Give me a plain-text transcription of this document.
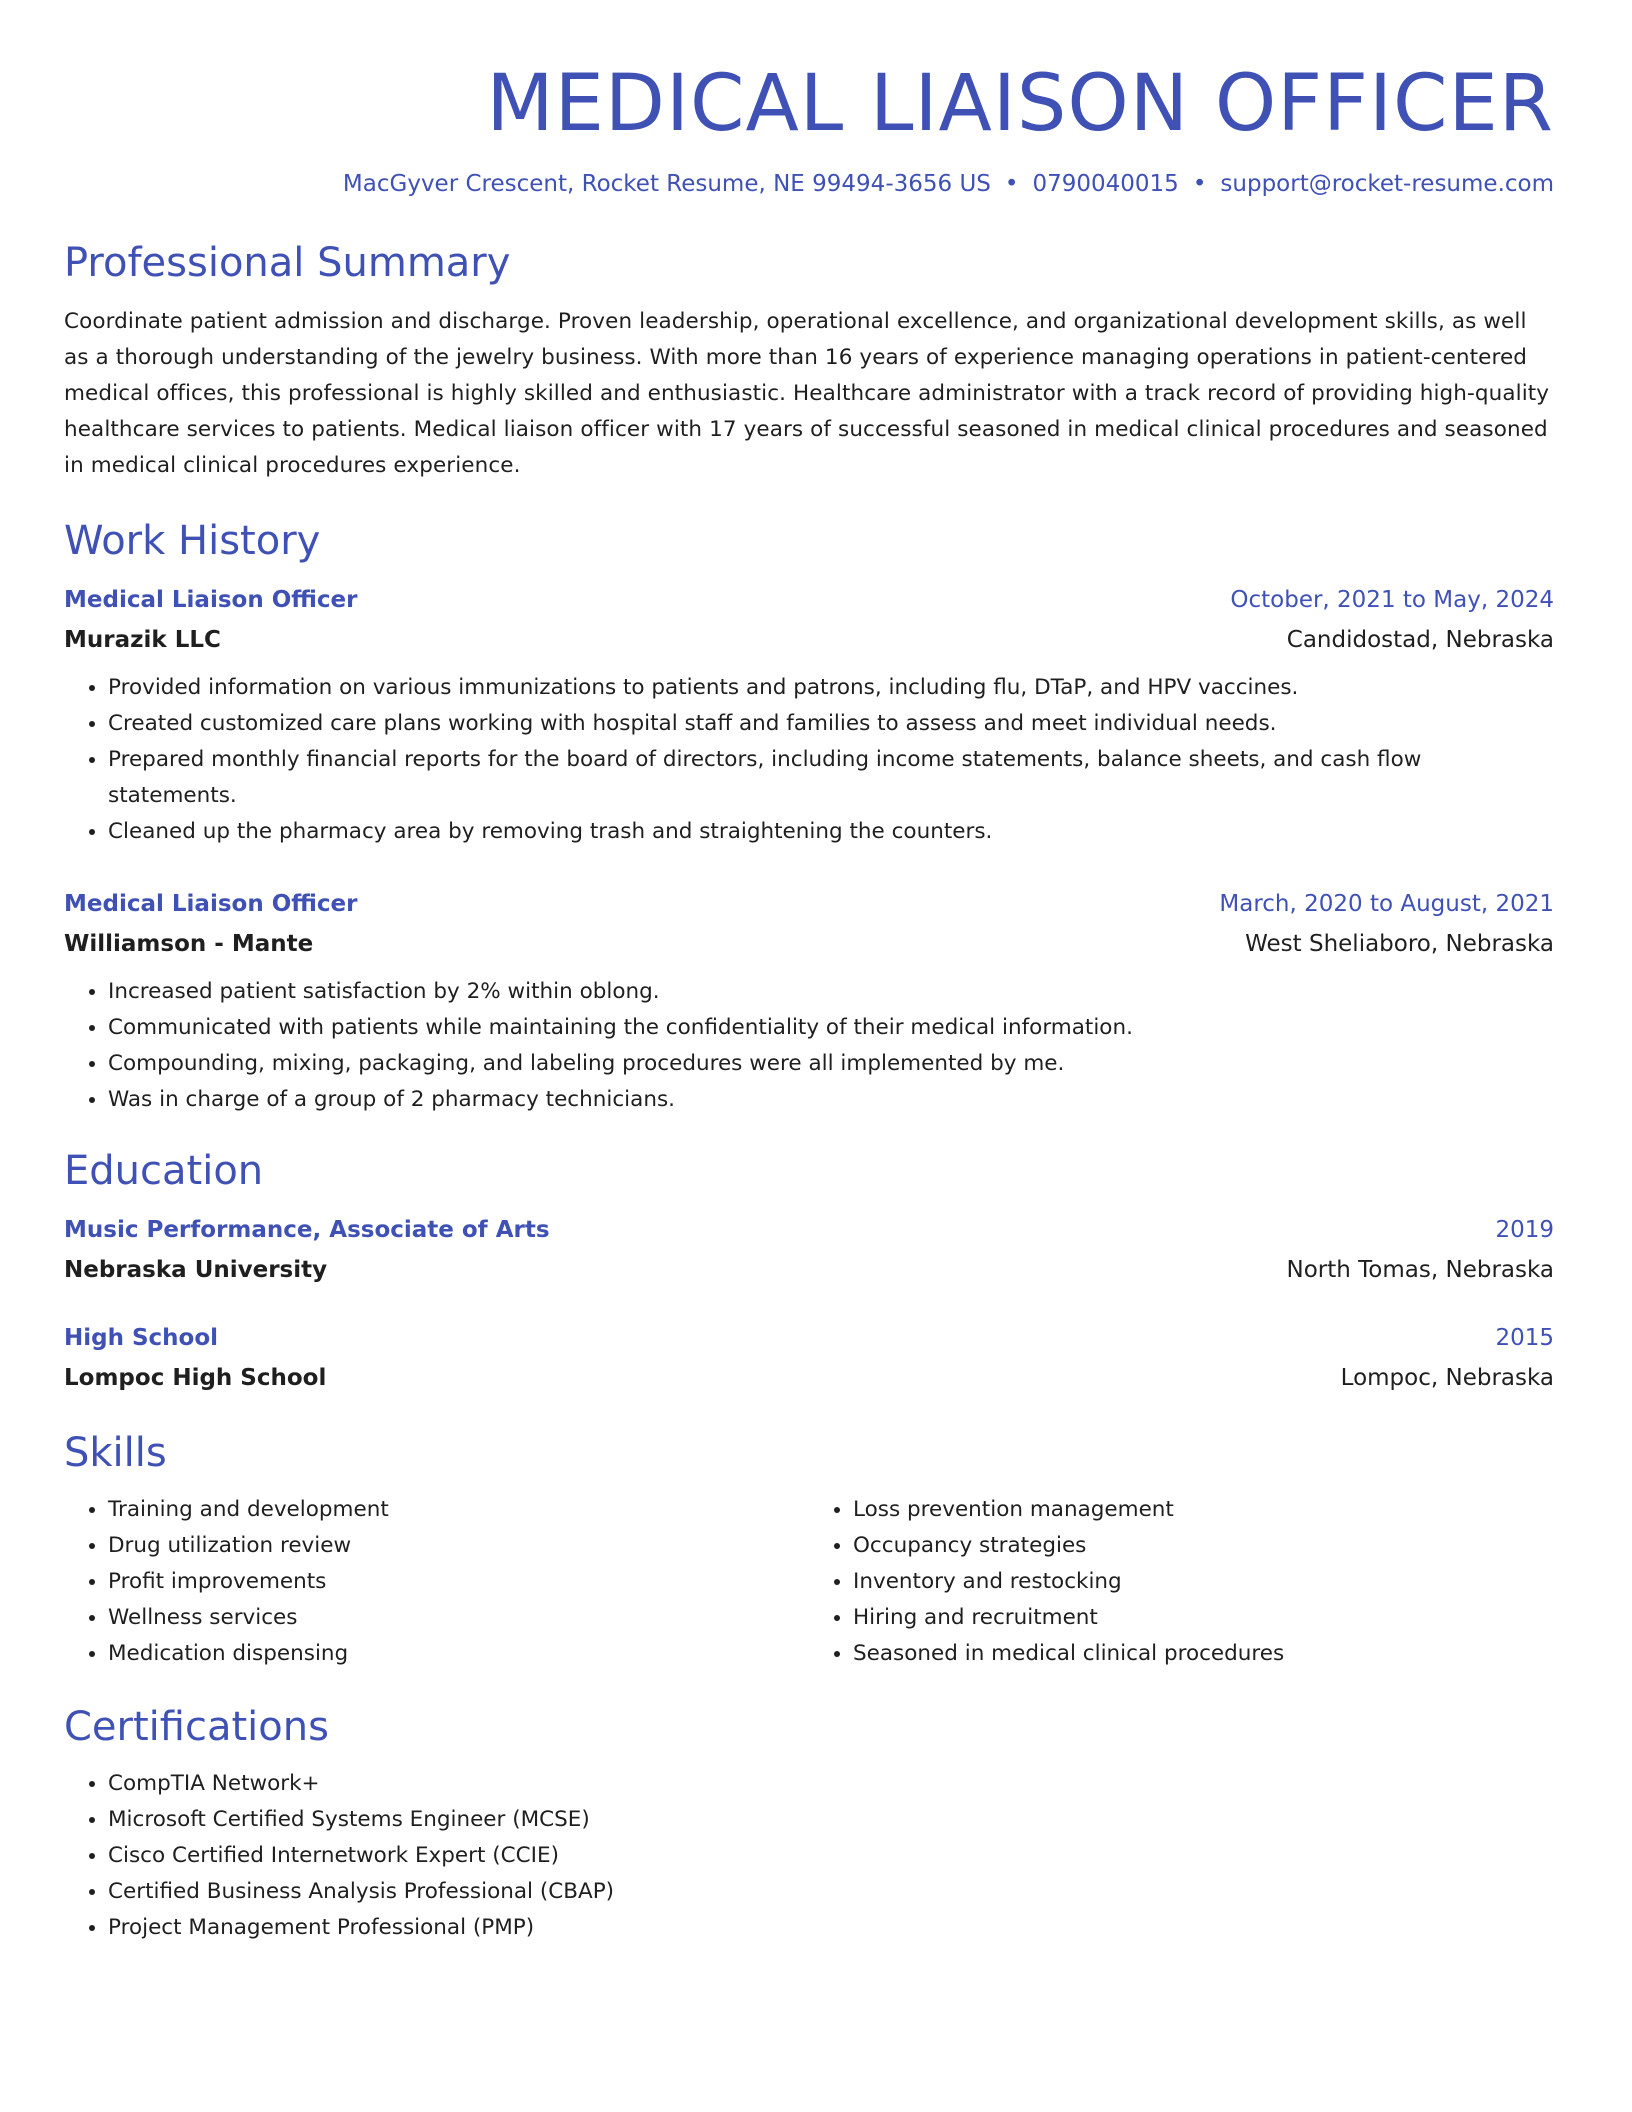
MEDICAL LIAISON OFFICER
MacGyver Crescent, Rocket Resume, NE 99494-3656 US • 0790040015 • support@rocket-resume.com
Professional Summary
Coordinate patient admission and discharge. Proven leadership, operational excellence, and organizational development skills, as well as a thorough understanding of the jewelry business. With more than 16 years of experience managing operations in patient-centered medical offices, this professional is highly skilled and enthusiastic. Healthcare administrator with a track record of providing high-quality healthcare services to patients. Medical liaison officer with 17 years of successful seasoned in medical clinical procedures and seasoned in medical clinical procedures experience.
Work History
Medical Liaison Officer	October, 2021 to May, 2024
Murazik LLC	Candidostad, Nebraska
• Provided information on various immunizations to patients and patrons, including flu, DTaP, and HPV vaccines.
• Created customized care plans working with hospital staff and families to assess and meet individual needs.
• Prepared monthly financial reports for the board of directors, including income statements, balance sheets, and cash flow statements.
• Cleaned up the pharmacy area by removing trash and straightening the counters.
Medical Liaison Officer	March, 2020 to August, 2021
Williamson - Mante	West Sheliaboro, Nebraska
• Increased patient satisfaction by 2% within oblong.
• Communicated with patients while maintaining the confidentiality of their medical information.
• Compounding, mixing, packaging, and labeling procedures were all implemented by me.
• Was in charge of a group of 2 pharmacy technicians.
Education
Music Performance, Associate of Arts	2019
Nebraska University	North Tomas, Nebraska
High School	2015
Lompoc High School	Lompoc, Nebraska
Skills
• Training and development
• Drug utilization review
• Profit improvements
• Wellness services
• Medication dispensing
• Loss prevention management
• Occupancy strategies
• Inventory and restocking
• Hiring and recruitment
• Seasoned in medical clinical procedures
Certifications
• CompTIA Network+
• Microsoft Certified Systems Engineer (MCSE)
• Cisco Certified Internetwork Expert (CCIE)
• Certified Business Analysis Professional (CBAP)
• Project Management Professional (PMP)
